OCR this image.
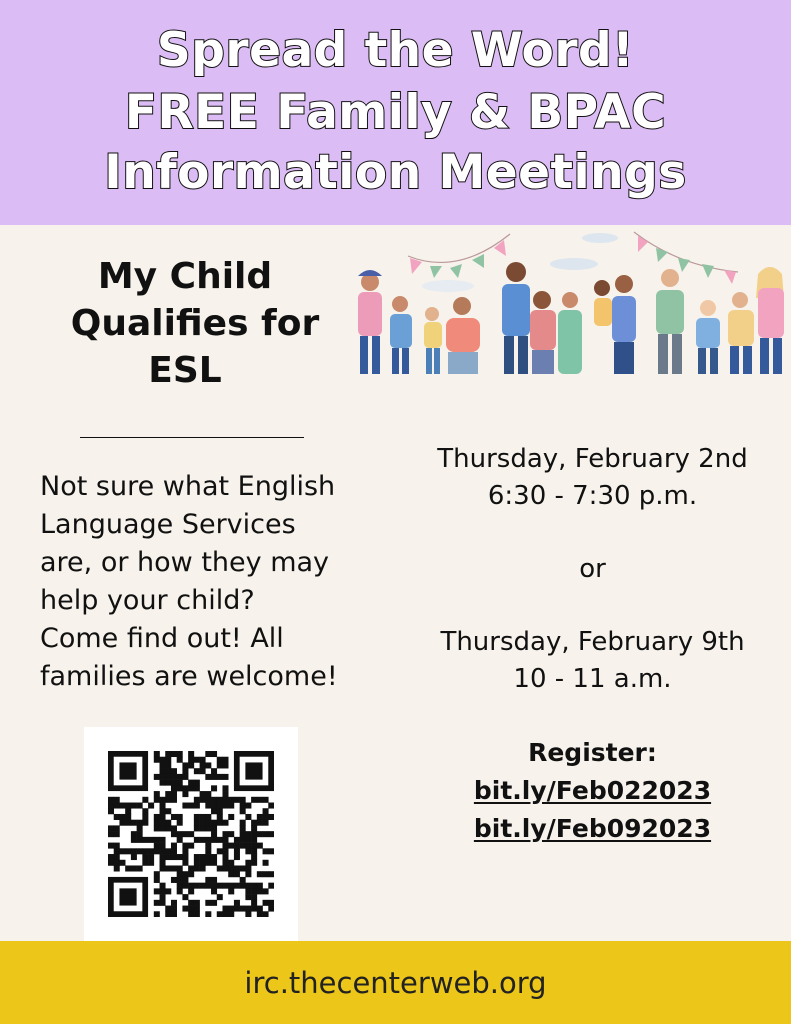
Spread the Word!
FREE Family & BPAC
Information Meetings
My Child
Qualifies for
ESL
Not sure what English
Language Services
are, or how they may
help your child?
Come find out! All
families are welcome!
Thursday, February 2nd
6:30 - 7:30 p.m.
or
Thursday, February 9th
10 - 11 a.m.
Register:
bit.ly/Feb022023
bit.ly/Feb092023
irc.thecenterweb.org
